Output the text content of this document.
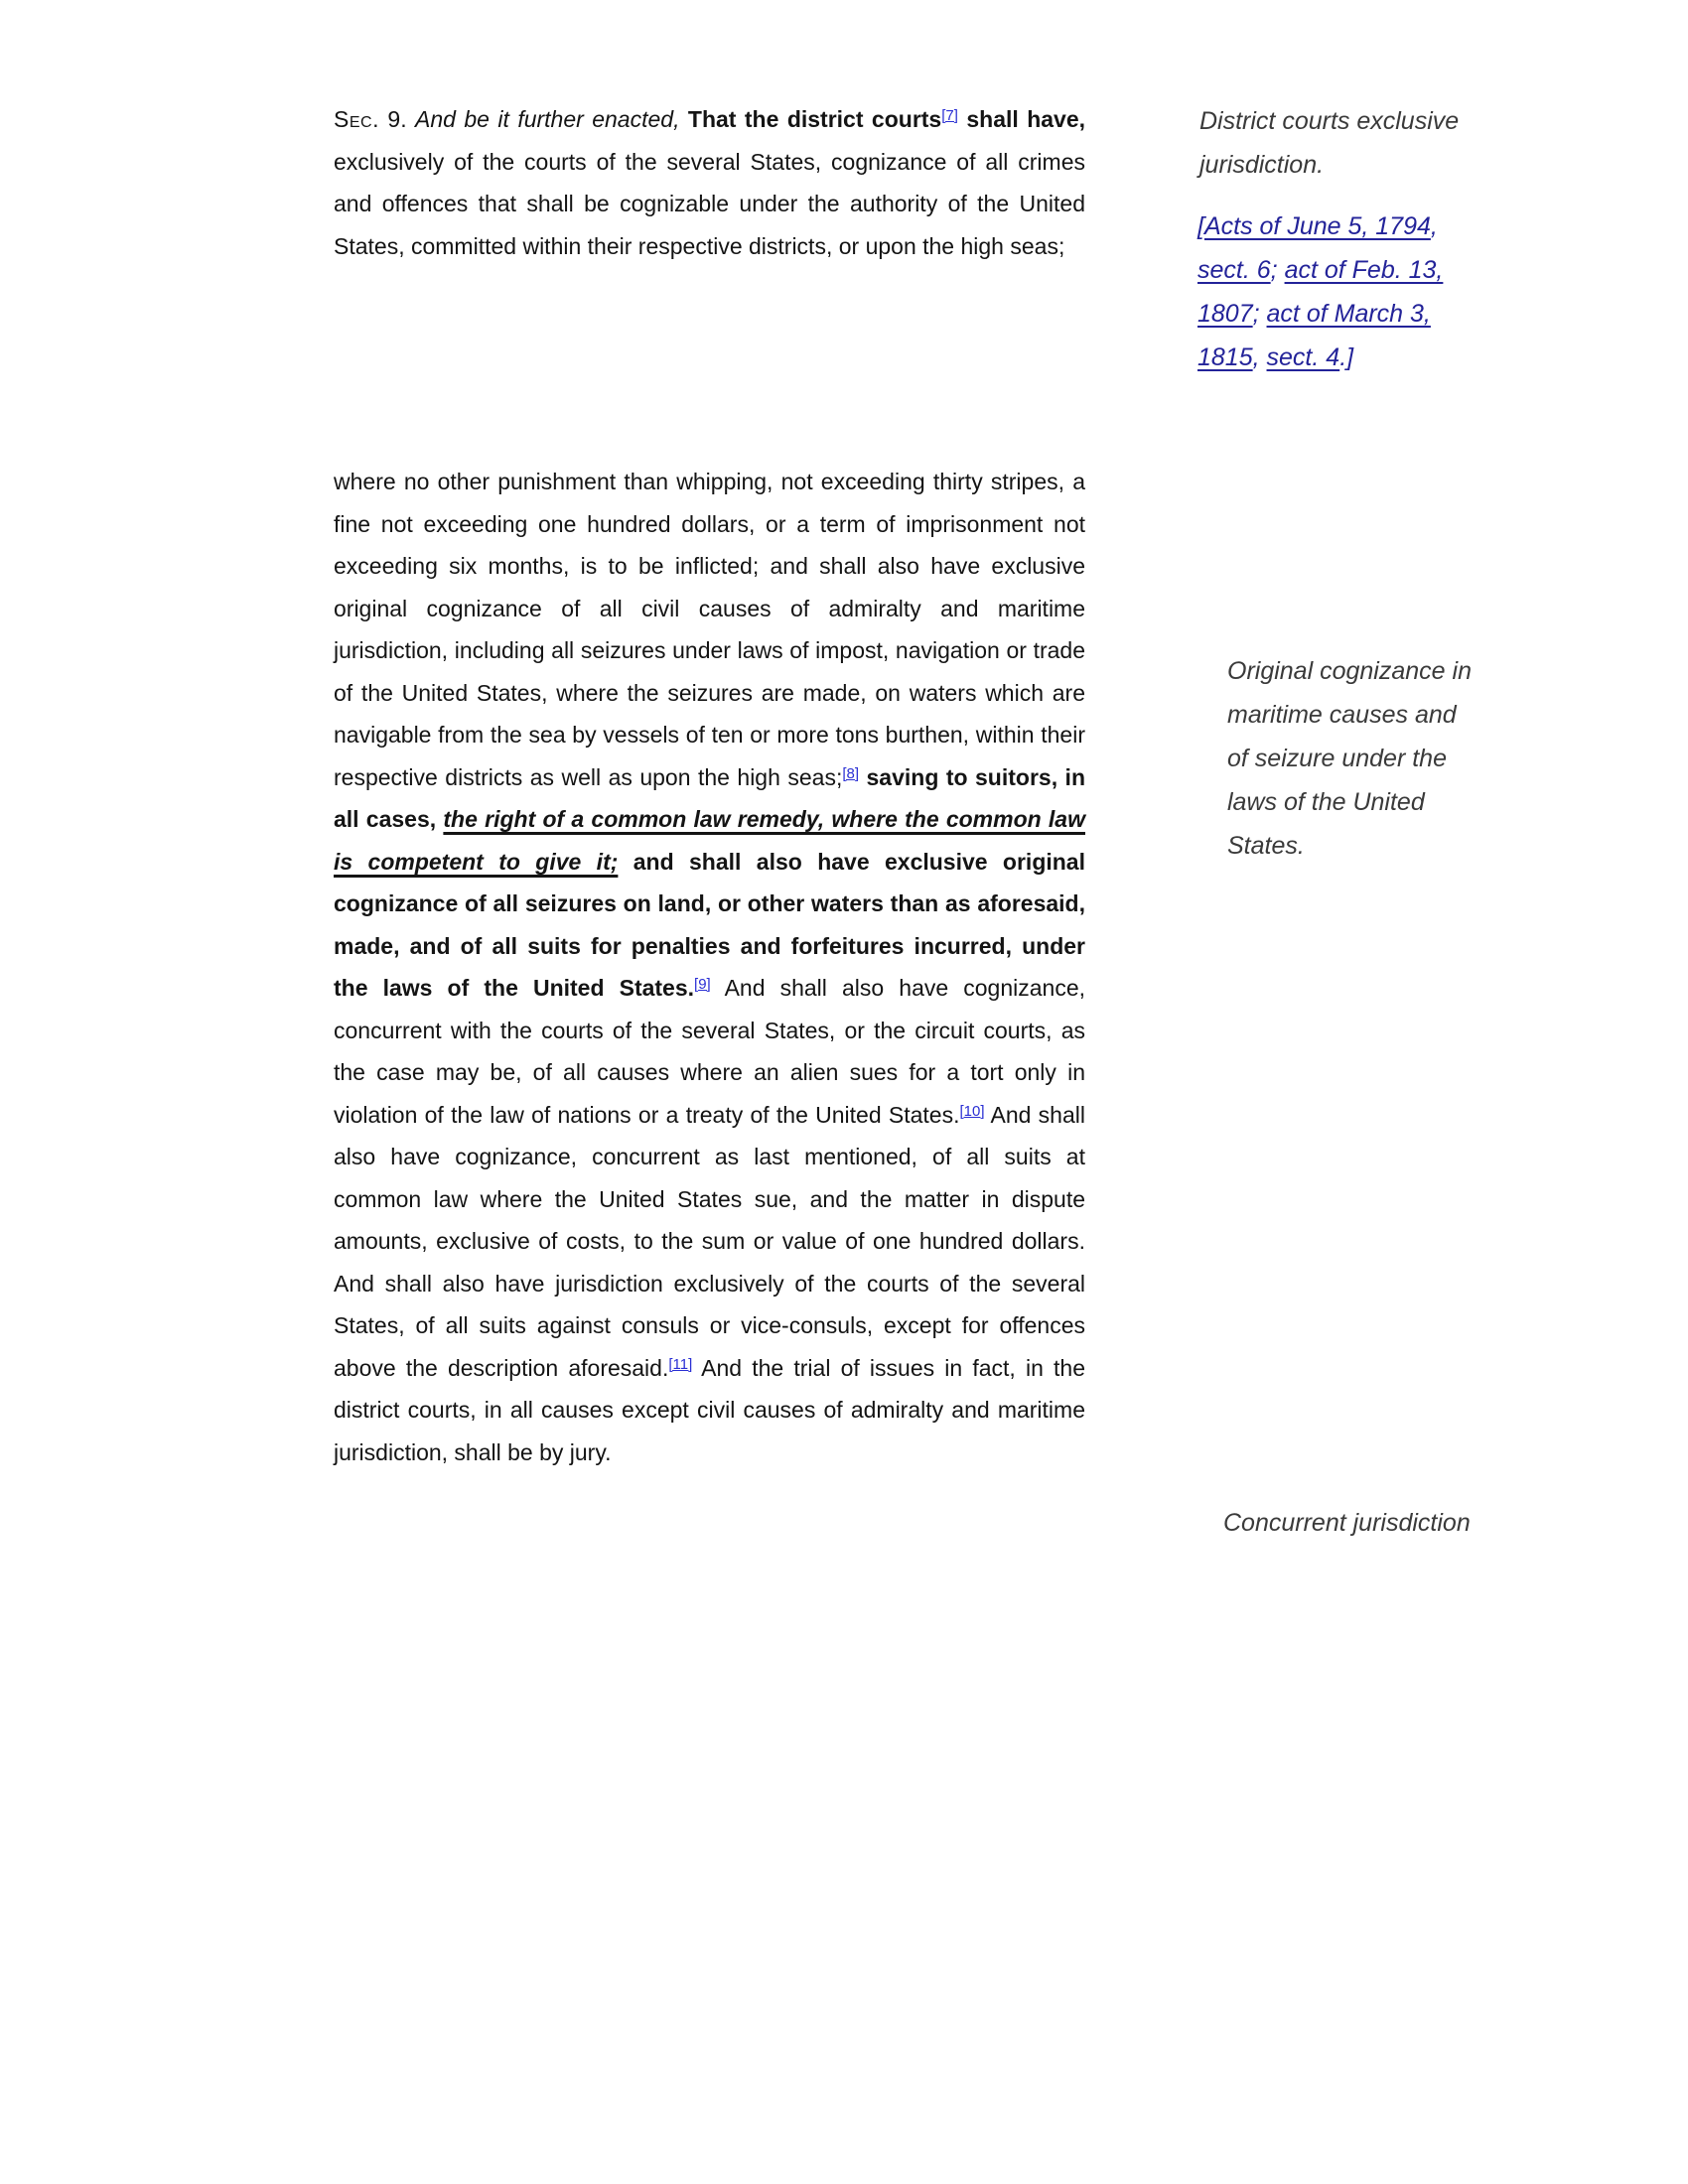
Sec. 9. And be it further enacted, That the district courts[7] shall have, exclusively of the courts of the several States, cognizance of all crimes and offences that shall be cognizable under the authority of the United States, committed within their respective districts, or upon the high seas;
where no other punishment than whipping, not exceeding thirty stripes, a fine not exceeding one hundred dollars, or a term of imprisonment not exceeding six months, is to be inflicted; and shall also have exclusive original cognizance of all civil causes of admiralty and maritime jurisdiction, including all seizures under laws of impost, navigation or trade of the United States, where the seizures are made, on waters which are navigable from the sea by vessels of ten or more tons burthen, within their respective districts as well as upon the high seas;[8] saving to suitors, in all cases, the right of a common law remedy, where the common law is competent to give it; and shall also have exclusive original cognizance of all seizures on land, or other waters than as aforesaid, made, and of all suits for penalties and forfeitures incurred, under the laws of the United States.[9] And shall also have cognizance, concurrent with the courts of the several States, or the circuit courts, as the case may be, of all causes where an alien sues for a tort only in violation of the law of nations or a treaty of the United States.[10] And shall also have cognizance, concurrent as last mentioned, of all suits at common law where the United States sue, and the matter in dispute amounts, exclusive of costs, to the sum or value of one hundred dollars. And shall also have jurisdiction exclusively of the courts of the several States, of all suits against consuls or vice-consuls, except for offences above the description aforesaid.[11] And the trial of issues in fact, in the district courts, in all causes except civil causes of admiralty and maritime jurisdiction, shall be by jury.
District courts exclusive jurisdiction.
[Acts of June 5, 1794, sect. 6; act of Feb. 13, 1807; act of March 3, 1815, sect. 4.]
Original cognizance in maritime causes and of seizure under the laws of the United States.
Concurrent jurisdiction
